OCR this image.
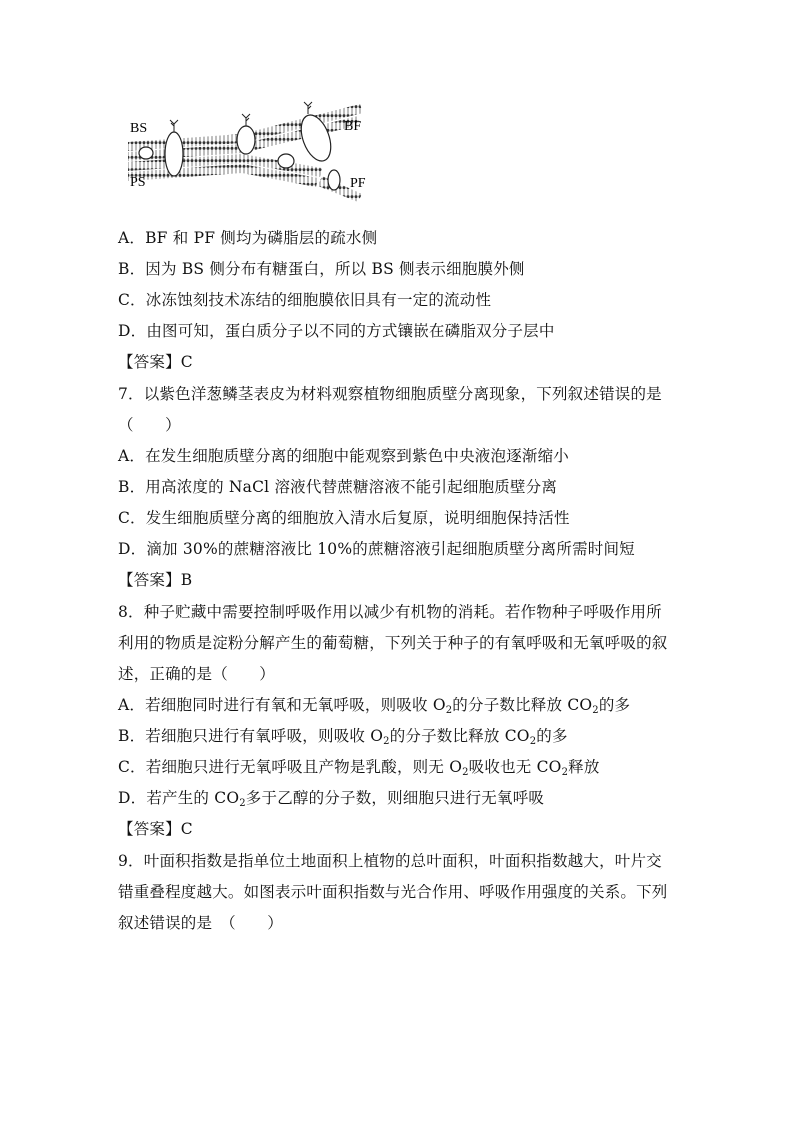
BS
PS
BF
PF
A．BF 和 PF 侧均为磷脂层的疏水侧
B．因为 BS 侧分布有糖蛋白，所以 BS 侧表示细胞膜外侧
C．冰冻蚀刻技术冻结的细胞膜依旧具有一定的流动性
D．由图可知，蛋白质分子以不同的方式镶嵌在磷脂双分子层中
【答案】C
7．以紫色洋葱鳞茎表皮为材料观察植物细胞质壁分离现象，下列叙述错误的是
（　　）
A．在发生细胞质壁分离的细胞中能观察到紫色中央液泡逐渐缩小
B．用高浓度的 NaCl 溶液代替蔗糖溶液不能引起细胞质壁分离
C．发生细胞质壁分离的细胞放入清水后复原，说明细胞保持活性
D．滴加 30%的蔗糖溶液比 10%的蔗糖溶液引起细胞质壁分离所需时间短
【答案】B
8．种子贮藏中需要控制呼吸作用以减少有机物的消耗。若作物种子呼吸作用所
利用的物质是淀粉分解产生的葡萄糖，下列关于种子的有氧呼吸和无氧呼吸的叙
述，正确的是（　　）
A．若细胞同时进行有氧和无氧呼吸，则吸收 $O_2$的分子数比释放 $CO_2$的多
B．若细胞只进行有氧呼吸，则吸收 $O_2$的分子数比释放 $CO_2$的多
C．若细胞只进行无氧呼吸且产物是乳酸，则无 $O_2$吸收也无 $CO_2$释放
D．若产生的 $CO_2$多于乙醇的分子数，则细胞只进行无氧呼吸
【答案】C
9．叶面积指数是指单位土地面积上植物的总叶面积，叶面积指数越大，叶片交
错重叠程度越大。如图表示叶面积指数与光合作用、呼吸作用强度的关系。下列
叙述错误的是　（　　）
